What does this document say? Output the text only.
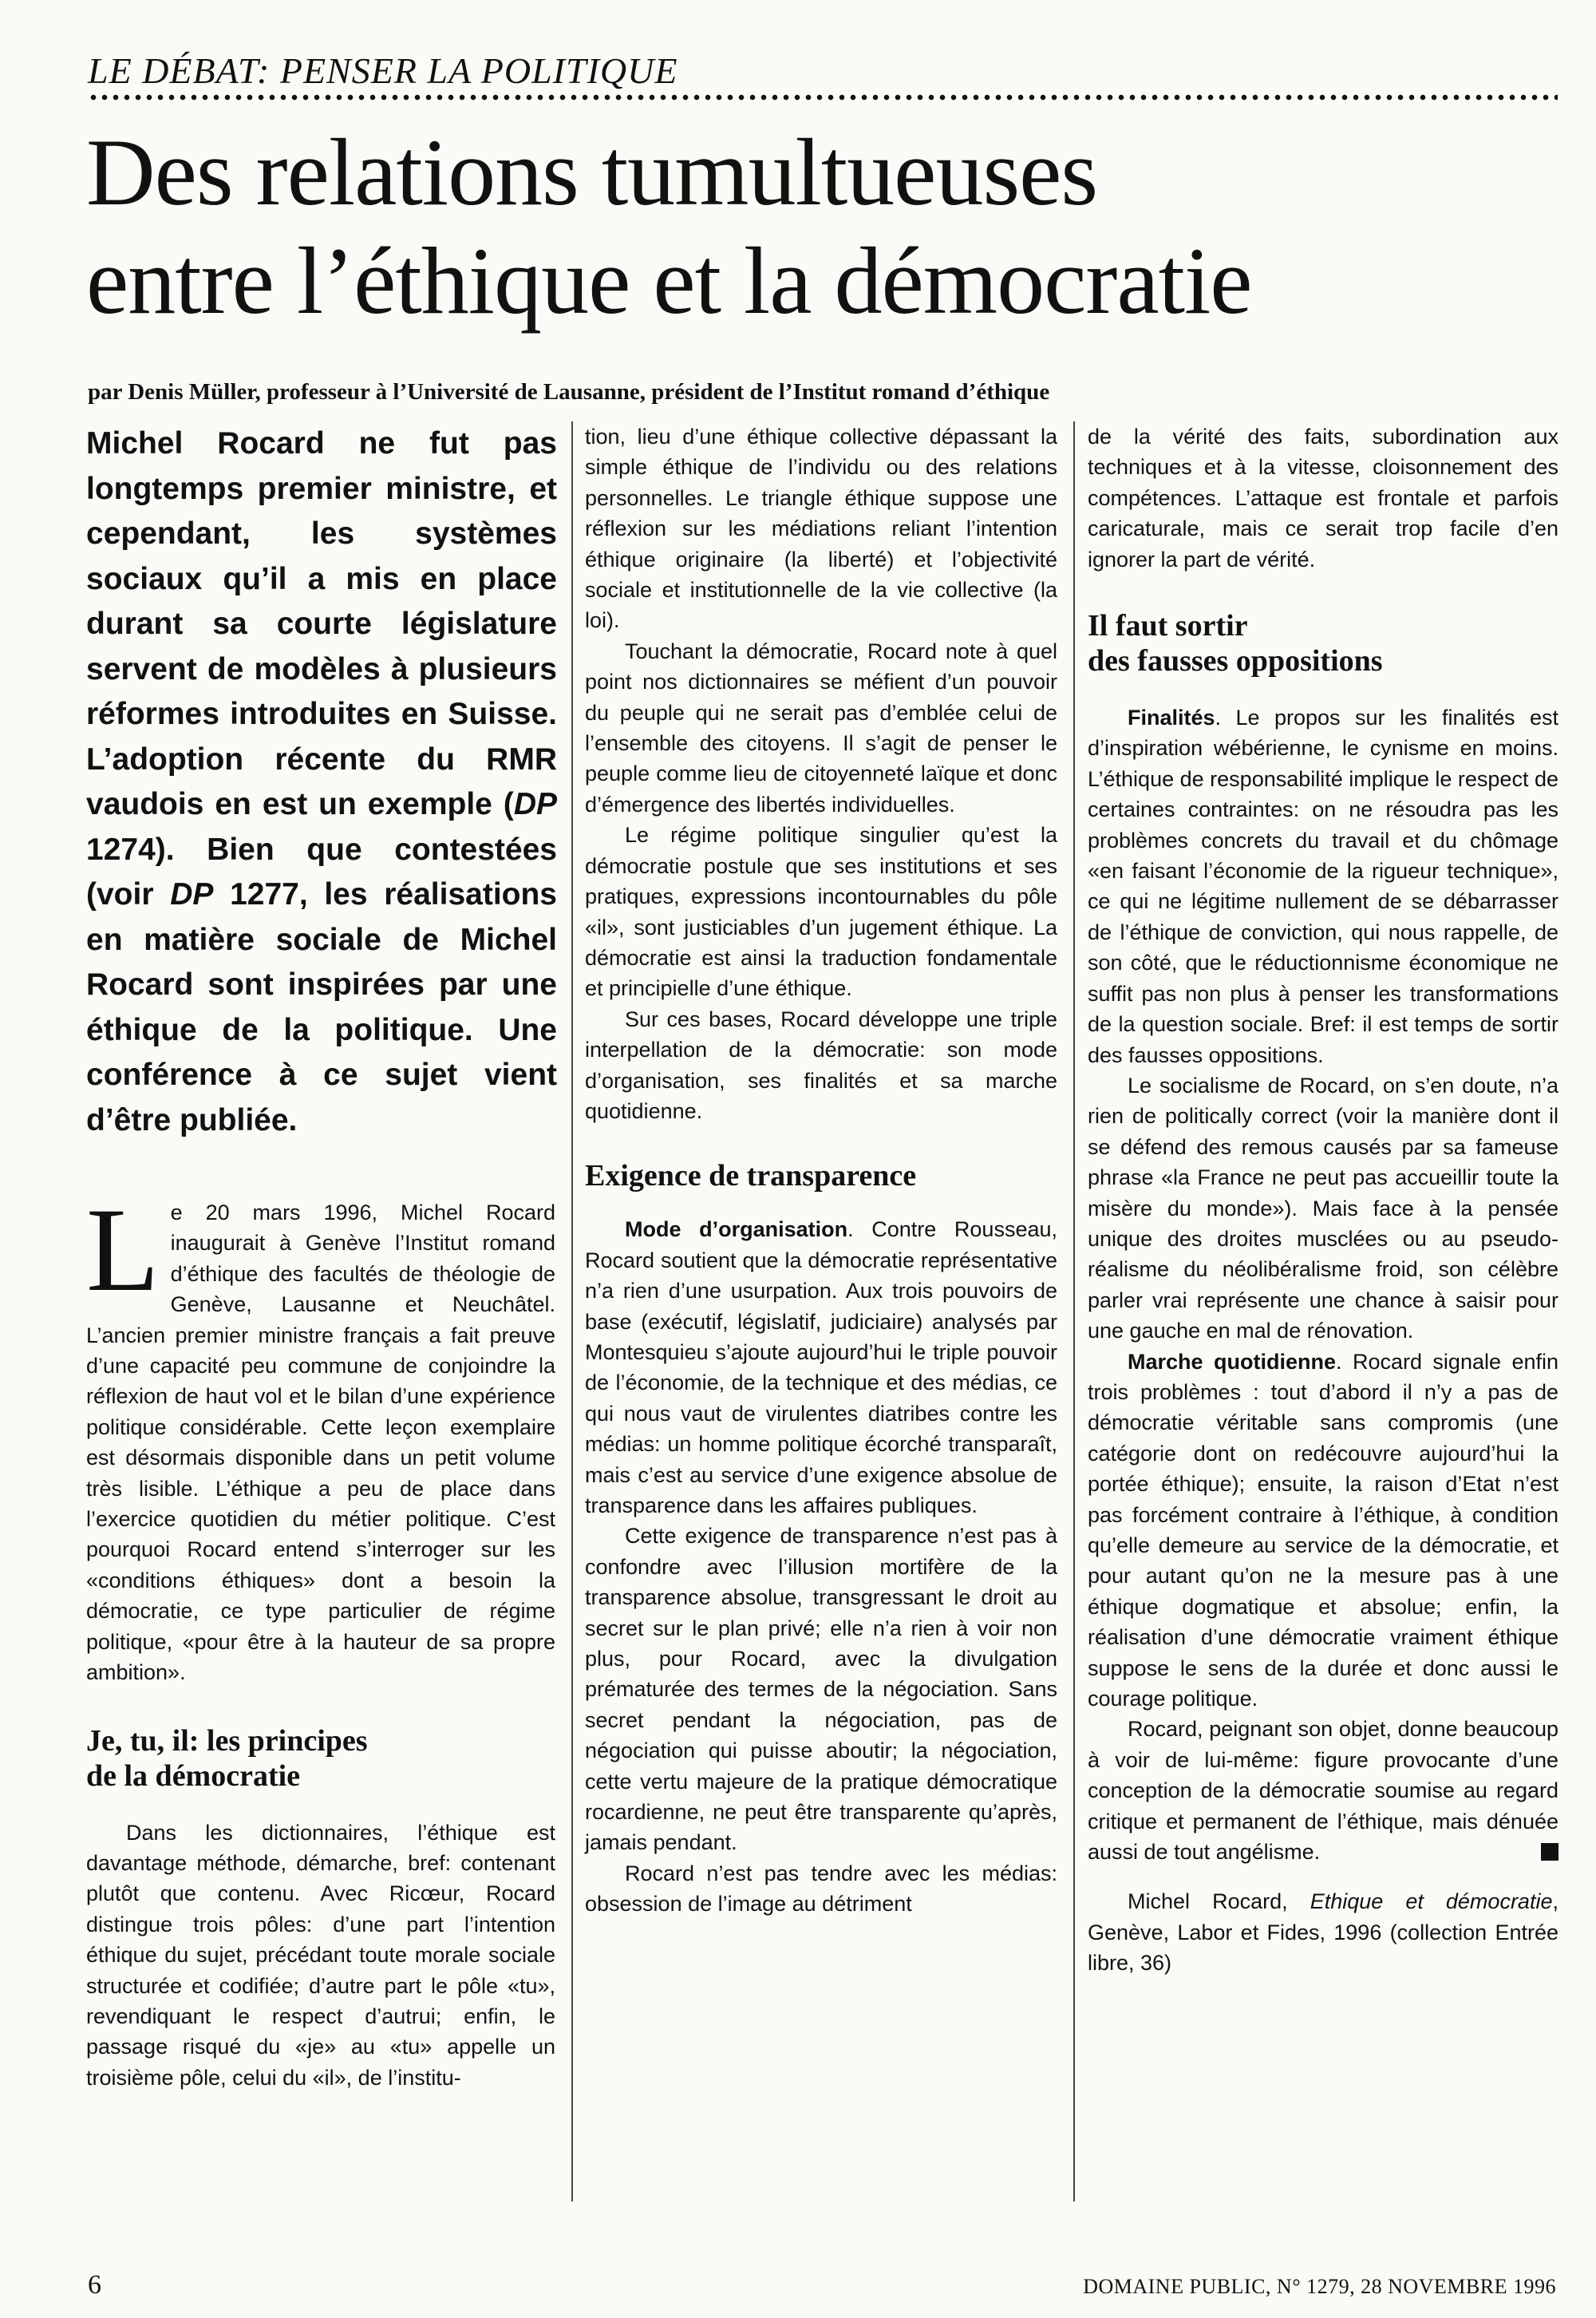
LE DÉBAT: PENSER LA POLITIQUE
Des relations tumultueuses
entre l’éthique et la démocratie
par Denis Müller, professeur à l’Université de Lausanne, président de l’Institut romand d’éthique

Michel Rocard ne fut pas longtemps premier ministre, et cependant, les systèmes sociaux qu’il a mis en place durant sa courte législature servent de modèles à plusieurs réformes introduites en Suisse. L’adoption récente du RMR vaudois en est un exemple (DP 1274). Bien que contestées (voir DP 1277, les réalisations en matière sociale de Michel Rocard sont inspirées par une éthique de la politique. Une conférence à ce sujet vient d’être publiée.

Le 20 mars 1996, Michel Rocard inaugurait à Genève l’Institut romand d’éthique des facultés de théologie de Genève, Lausanne et Neuchâtel. L’ancien premier ministre français a fait preuve d’une capacité peu commune de conjoindre la réflexion de haut vol et le bilan d’une expérience politique considérable. Cette leçon exemplaire est désormais disponible dans un petit volume très lisible. L’éthique a peu de place dans l’exercice quotidien du métier politique. C’est pourquoi Rocard entend s’interroger sur les «conditions éthiques» dont a besoin la démocratie, ce type particulier de régime politique, «pour être à la hauteur de sa propre ambition».

Je, tu, il: les principes
de la démocratie

Dans les dictionnaires, l’éthique est davantage méthode, démarche, bref: contenant plutôt que contenu. Avec Ricœur, Rocard distingue trois pôles: d’une part l’intention éthique du sujet, précédant toute morale sociale structurée et codifiée; d’autre part le pôle «tu», revendiquant le respect d’autrui; enfin, le passage risqué du «je» au «tu» appelle un troisième pôle, celui du «il», de l’institu-

tion, lieu d’une éthique collective dépassant la simple éthique de l’individu ou des relations personnelles. Le triangle éthique suppose une réflexion sur les médiations reliant l’intention éthique originaire (la liberté) et l’objectivité sociale et institutionnelle de la vie collective (la loi).

Touchant la démocratie, Rocard note à quel point nos dictionnaires se méfient d’un pouvoir du peuple qui ne serait pas d’emblée celui de l’ensemble des citoyens. Il s’agit de penser le peuple comme lieu de citoyenneté laïque et donc d’émergence des libertés individuelles.

Le régime politique singulier qu’est la démocratie postule que ses institutions et ses pratiques, expressions incontournables du pôle «il», sont justiciables d’un jugement éthique. La démocratie est ainsi la traduction fondamentale et principielle d’une éthique.

Sur ces bases, Rocard développe une triple interpellation de la démocratie: son mode d’organisation, ses finalités et sa marche quotidienne.

Exigence de transparence

Mode d’organisation. Contre Rousseau, Rocard soutient que la démocratie représentative n’a rien d’une usurpation. Aux trois pouvoirs de base (exécutif, législatif, judiciaire) analysés par Montesquieu s’ajoute aujourd’hui le triple pouvoir de l’économie, de la technique et des médias, ce qui nous vaut de virulentes diatribes contre les médias: un homme politique écorché transparaît, mais c’est au service d’une exigence absolue de transparence dans les affaires publiques.

Cette exigence de transparence n’est pas à confondre avec l’illusion mortifère de la transparence absolue, transgressant le droit au secret sur le plan privé; elle n’a rien à voir non plus, pour Rocard, avec la divulgation prématurée des termes de la négociation. Sans secret pendant la négociation, pas de négociation qui puisse aboutir; la négociation, cette vertu majeure de la pratique démocratique rocardienne, ne peut être transparente qu’après, jamais pendant.

Rocard n’est pas tendre avec les médias: obsession de l’image au détriment

de la vérité des faits, subordination aux techniques et à la vitesse, cloisonnement des compétences. L’attaque est frontale et parfois caricaturale, mais ce serait trop facile d’en ignorer la part de vérité.

Il faut sortir
des fausses oppositions

Finalités. Le propos sur les finalités est d’inspiration wébérienne, le cynisme en moins. L’éthique de responsabilité implique le respect de certaines contraintes: on ne résoudra pas les problèmes concrets du travail et du chômage «en faisant l’économie de la rigueur technique», ce qui ne légitime nullement de se débarrasser de l’éthique de conviction, qui nous rappelle, de son côté, que le réductionnisme économique ne suffit pas non plus à penser les transformations de la question sociale. Bref: il est temps de sortir des fausses oppositions.

Le socialisme de Rocard, on s’en doute, n’a rien de politically correct (voir la manière dont il se défend des remous causés par sa fameuse phrase «la France ne peut pas accueillir toute la misère du monde»). Mais face à la pensée unique des droites musclées ou au pseudo-réalisme du néolibéralisme froid, son célèbre parler vrai représente une chance à saisir pour une gauche en mal de rénovation.

Marche quotidienne. Rocard signale enfin trois problèmes : tout d’abord il n’y a pas de démocratie véritable sans compromis (une catégorie dont on redécouvre aujourd’hui la portée éthique); ensuite, la raison d’Etat n’est pas forcément contraire à l’éthique, à condition qu’elle demeure au service de la démocratie, et pour autant qu’on ne la mesure pas à une éthique dogmatique et absolue; enfin, la réalisation d’une démocratie vraiment éthique suppose le sens de la durée et donc aussi le courage politique.

Rocard, peignant son objet, donne beaucoup à voir de lui-même: figure provocante d’une conception de la démocratie soumise au regard critique et permanent de l’éthique, mais dénuée aussi de tout angélisme.

Michel Rocard, Ethique et démocratie, Genève, Labor et Fides, 1996 (collection Entrée libre, 36)

6	DOMAINE PUBLIC, N° 1279, 28 NOVEMBRE 1996
